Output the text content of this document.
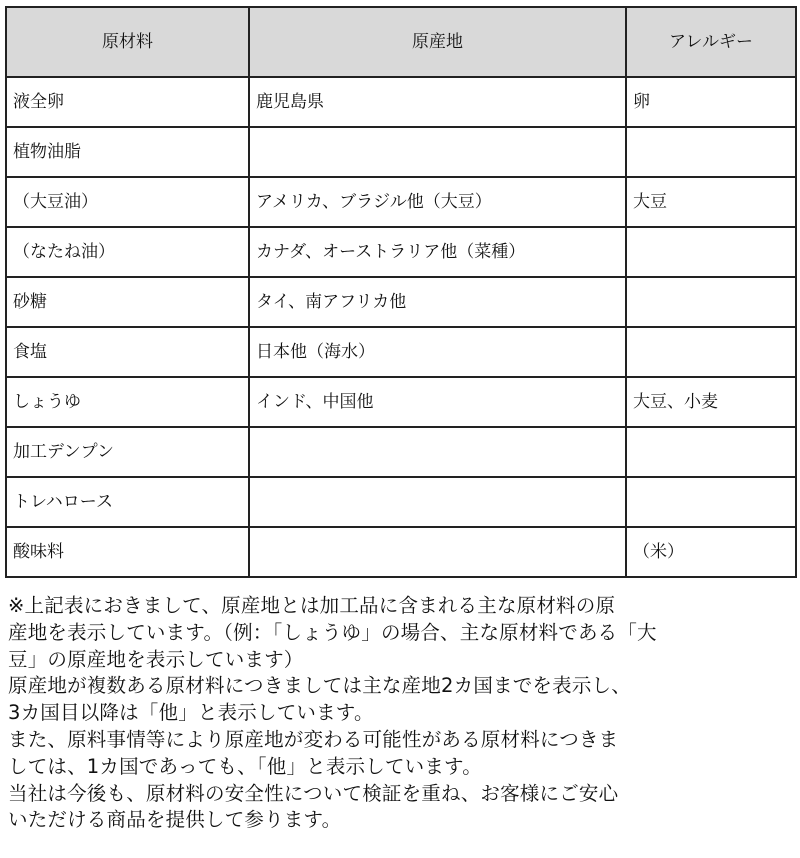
原材料	原産地	アレルギー
液全卵	鹿児島県	卵
植物油脂		
（大豆油）	アメリカ、ブラジル他（大豆）	大豆
（なたね油）	カナダ、オーストラリア他（菜種）	
砂糖	タイ、南アフリカ他	
食塩	日本他（海水）	
しょうゆ	インド、中国他	大豆、小麦
加工デンプン		
トレハロース		
酸味料		（米）

※上記表におきまして、原産地とは加工品に含まれる主な原材料の原

産地を表示しています。（例：「しょうゆ」の場合、主な原材料である「大

豆」の原産地を表示しています）

原産地が複数ある原材料につきましては主な産地2カ国までを表示し、

3カ国目以降は「他」と表示しています。

また、原料事情等により原産地が変わる可能性がある原材料につきま

しては、1カ国であっても、「他」と表示しています。

当社は今後も、原材料の安全性について検証を重ね、お客様にご安心

いただける商品を提供して参ります。
